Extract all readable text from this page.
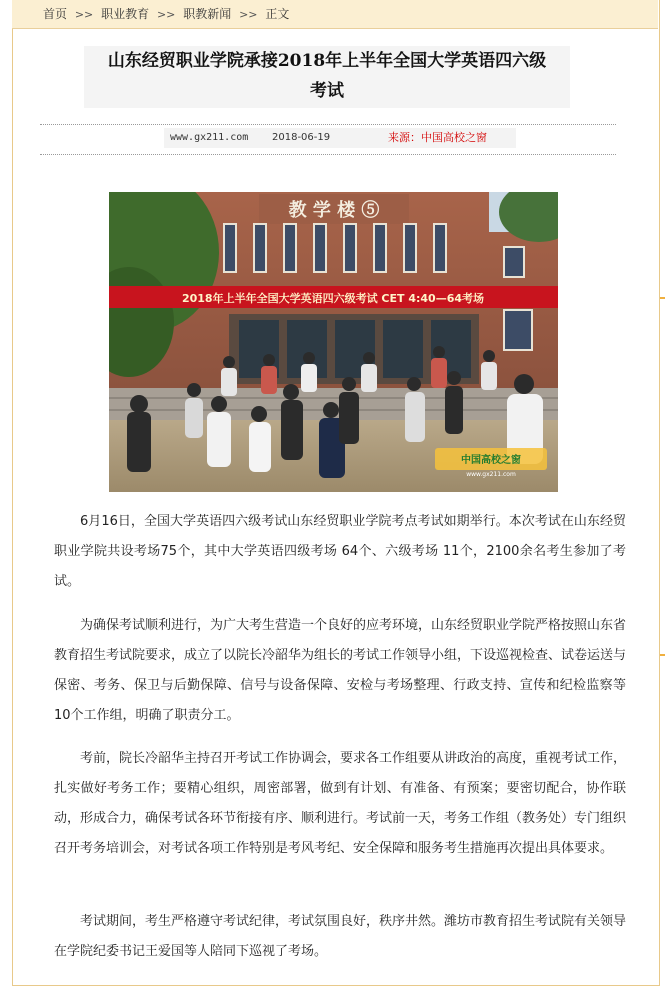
首页 >> 职业教育 >> 职教新闻 >> 正文
山东经贸职业学院承接2018年上半年全国大学英语四六级
考试
www.gx211.com 2018-06-19	来源：中国高校之窗
教 学 楼 ⑤
2018年上半年全国大学英语四六级考试 CET 4:40—64考场
中国高校之窗
www.gx211.com

6月16日，全国大学英语四六级考试山东经贸职业学院考点考试如期举行。本次考试在山东经贸职业学院共设考场75个，其中大学英语四级考场 64个、六级考场 11个，2100余名考生参加了考试。

为确保考试顺利进行，为广大考生营造一个良好的应考环境，山东经贸职业学院严格按照山东省教育招生考试院要求，成立了以院长冷韶华为组长的考试工作领导小组，下设巡视检查、试卷运送与保密、考务、保卫与后勤保障、信号与设备保障、安检与考场整理、行政支持、宣传和纪检监察等10个工作组，明确了职责分工。

考前，院长冷韶华主持召开考试工作协调会，要求各工作组要从讲政治的高度，重视考试工作，扎实做好考务工作；要精心组织，周密部署，做到有计划、有准备、有预案；要密切配合，协作联动，形成合力，确保考试各环节衔接有序、顺利进行。考试前一天，考务工作组（教务处）专门组织召开考务培训会，对考试各项工作特别是考风考纪、安全保障和服务考生措施再次提出具体要求。

考试期间，考生严格遵守考试纪律，考试氛围良好，秩序井然。潍坊市教育招生考试院有关领导在学院纪委书记王爱国等人陪同下巡视了考场。
